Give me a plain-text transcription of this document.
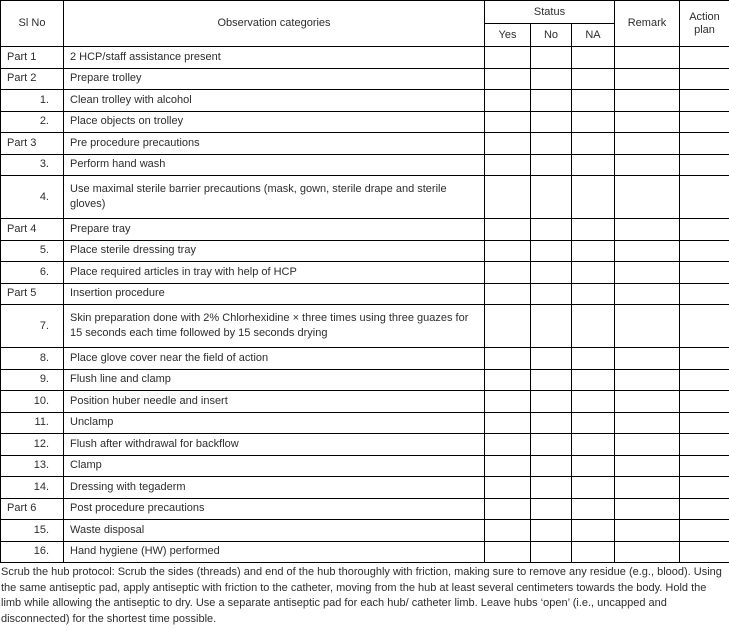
Sl No	Observation categories	Status			Remark	Action plan
		Yes	No	NA		
Part 1	2 HCP/staff assistance present					
Part 2	Prepare trolley					
1.	Clean trolley with alcohol					
2.	Place objects on trolley					
Part 3	Pre procedure precautions					
3.	Perform hand wash					
4.	Use maximal sterile barrier precautions (mask, gown, sterile drape and sterile gloves)					
Part 4	Prepare tray					
5.	Place sterile dressing tray					
6.	Place required articles in tray with help of HCP					
Part 5	Insertion procedure					
7.	Skin preparation done with 2% Chlorhexidine × three times using three guazes for 15 seconds each time followed by 15 seconds drying					
8.	Place glove cover near the field of action					
9.	Flush line and clamp					
10.	Position huber needle and insert					
11.	Unclamp					
12.	Flush after withdrawal for backflow					
13.	Clamp					
14.	Dressing with tegaderm					
Part 6	Post procedure precautions					
15.	Waste disposal					
16.	Hand hygiene (HW) performed					

Scrub the hub protocol: Scrub the sides (threads) and end of the hub thoroughly with friction, making sure to remove any residue (e.g., blood). Using the same antiseptic pad, apply antiseptic with friction to the catheter, moving from the hub at least several centimeters towards the body. Hold the limb while allowing the antiseptic to dry. Use a separate antiseptic pad for each hub/ catheter limb. Leave hubs ‘open’ (i.e., uncapped and disconnected) for the shortest time possible.
